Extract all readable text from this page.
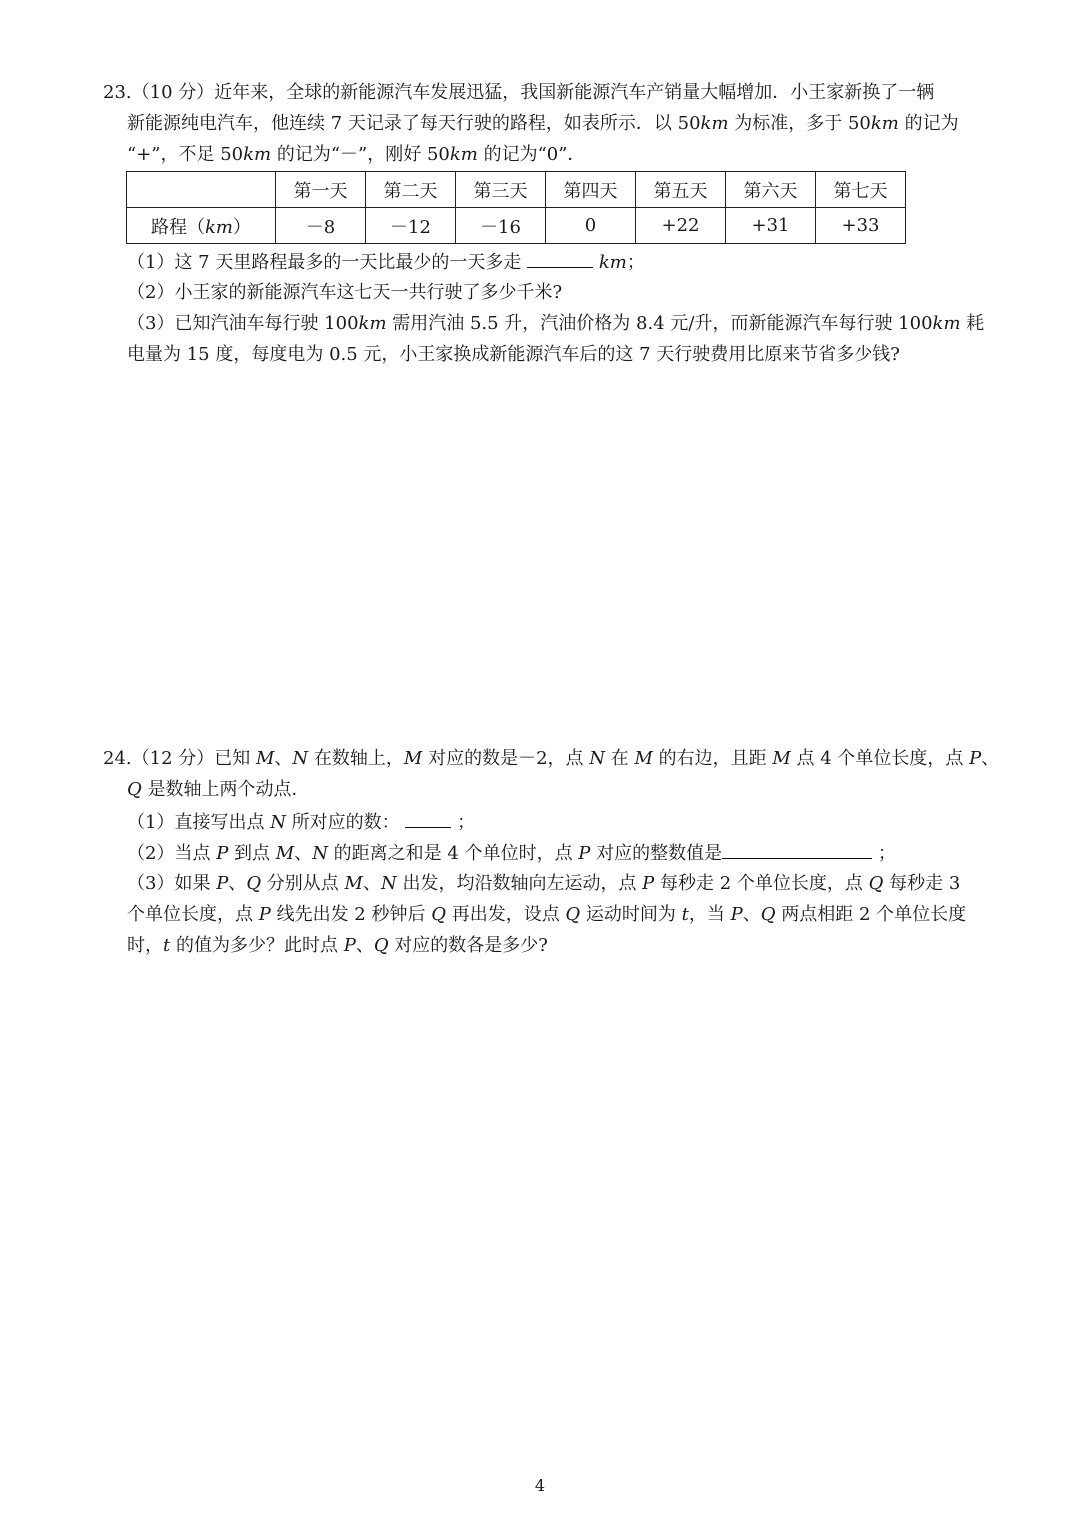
23.（10 分）近年来，全球的新能源汽车发展迅猛，我国新能源汽车产销量大幅增加．小王家新换了一辆
新能源纯电汽车，他连续 7 天记录了每天行驶的路程，如表所示．以 50km 为标准，多于 50km 的记为
“+”，不足 50km 的记为“－”，刚好 50km 的记为“0”．
	第一天	第二天	第三天	第四天	第五天	第六天	第七天
路程（km）	－8	－12	－16	0	+22	+31	+33
（1）这 7 天里路程最多的一天比最少的一天多走	km；
（2）小王家的新能源汽车这七天一共行驶了多少千米?
（3）已知汽油车每行驶 100km 需用汽油 5.5 升，汽油价格为 8.4 元/升，而新能源汽车每行驶 100km 耗
电量为 15 度，每度电为 0.5 元，小王家换成新能源汽车后的这 7 天行驶费用比原来节省多少钱?
24.（12 分）已知 M、N 在数轴上，M 对应的数是－2，点 N 在 M 的右边，且距 M 点 4 个单位长度，点 P、
Q 是数轴上两个动点．
（1）直接写出点 N 所对应的数：	；
（2）当点 P 到点 M、N 的距离之和是 4 个单位时，点 P 对应的整数值是	；
（3）如果 P、Q 分别从点 M、N 出发，均沿数轴向左运动，点 P 每秒走 2 个单位长度，点 Q 每秒走 3
个单位长度，点 P 线先出发 2 秒钟后 Q 再出发，设点 Q 运动时间为 t，当 P、Q 两点相距 2 个单位长度
时，t 的值为多少？此时点 P、Q 对应的数各是多少?
4
